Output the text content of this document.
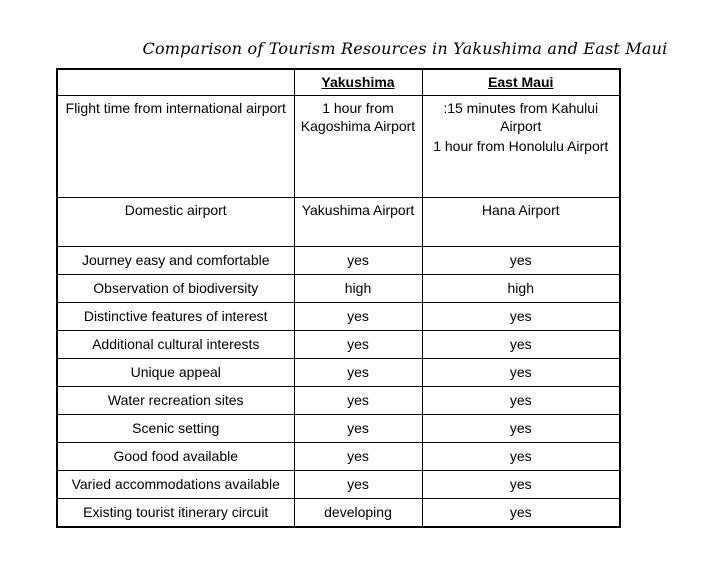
Comparison of Tourism Resources in Yakushima and East Maui
	Yakushima	East Maui
Flight time from international airport	1 hour from Kagoshima Airport	:15 minutes from Kahului Airport
1 hour from Honolulu Airport

Domestic airport	Yakushima Airport	Hana Airport

Journey easy and comfortable	yes	yes
Observation of biodiversity	high	high
Distinctive features of interest	yes	yes
Additional cultural interests	yes	yes
Unique appeal	yes	yes
Water recreation sites	yes	yes
Scenic setting	yes	yes
Good food available	yes	yes
Varied accommodations available	yes	yes
Existing tourist itinerary circuit	developing	yes
